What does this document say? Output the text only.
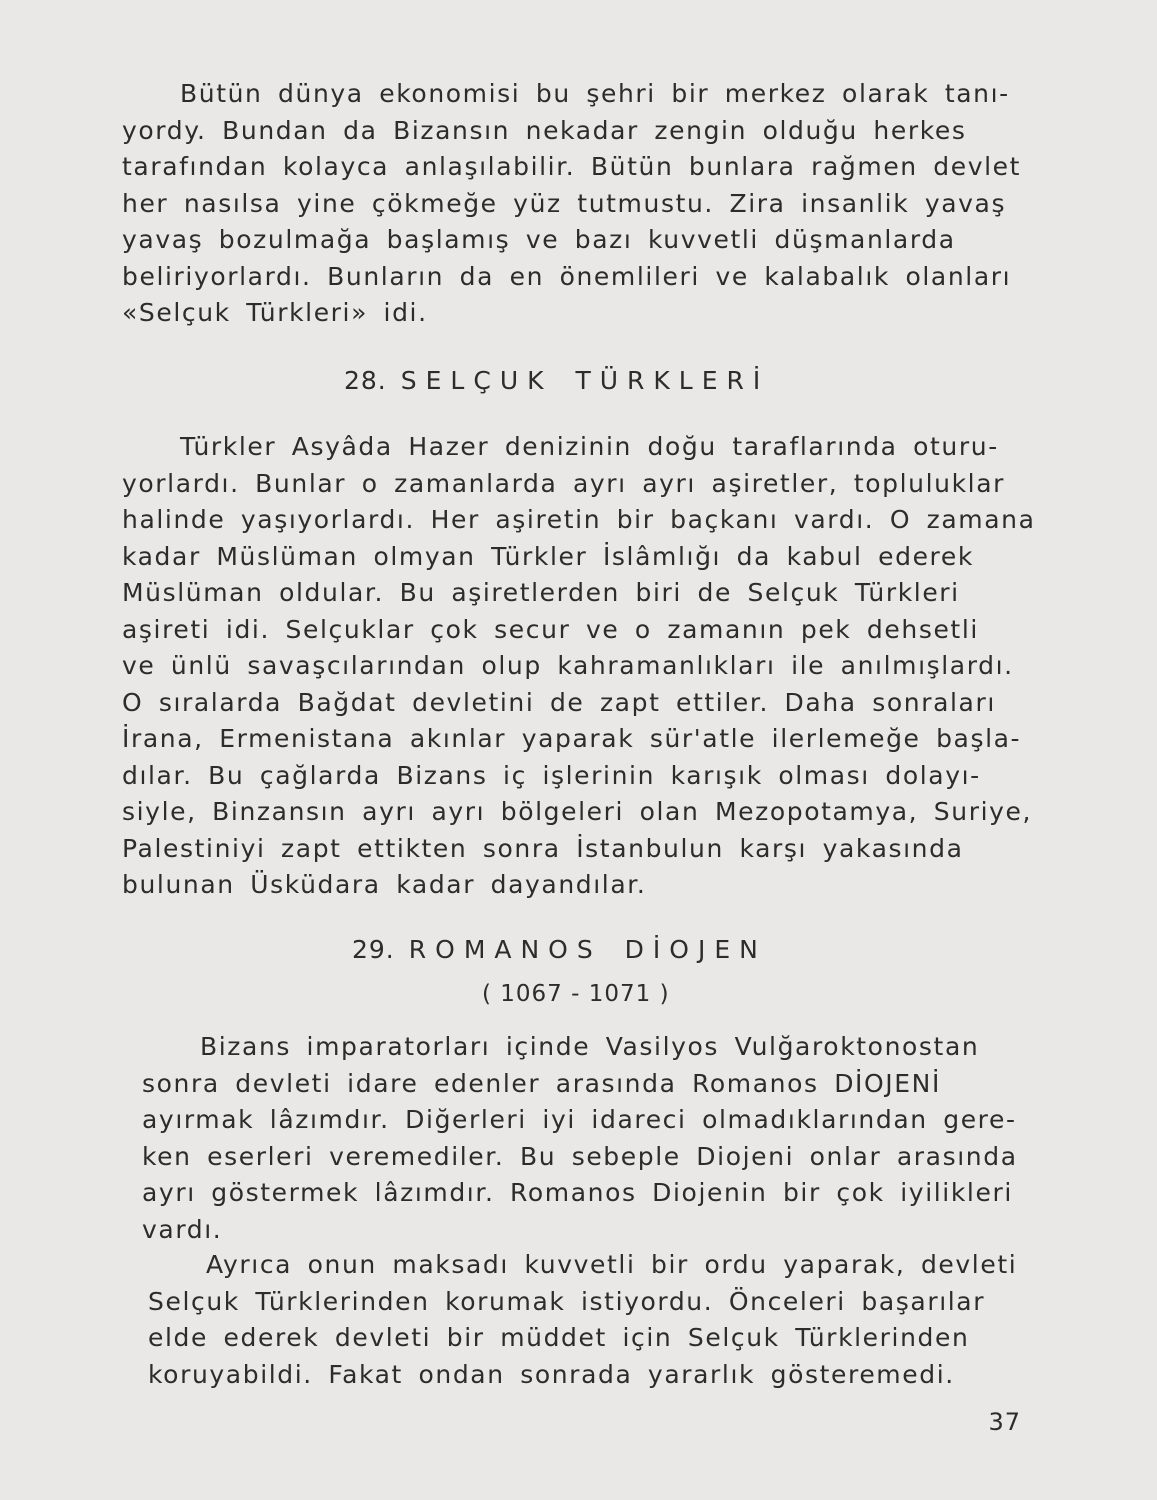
Bütün dünya ekonomisi bu şehri bir merkez olarak tanı-
yordy. Bundan da Bizansın nekadar zengin olduğu herkes
tarafından kolayca anlaşılabilir. Bütün bunlara rağmen devlet
her nasılsa yine çökmeğe yüz tutmustu. Zira insanlik yavaş
yavaş bozulmağa başlamış ve bazı kuvvetli düşmanlarda
beliriyorlardı. Bunların da en önemlileri ve kalabalık olanları
«Selçuk Türkleri» idi.
28. SELÇUK TÜRKLERİ
Türkler Asyâda Hazer denizinin doğu taraflarında oturu-
yorlardı. Bunlar o zamanlarda ayrı ayrı aşiretler, topluluklar
halinde yaşıyorlardı. Her aşiretin bir baçkanı vardı. O zamana
kadar Müslüman olmyan Türkler İslâmlığı da kabul ederek
Müslüman oldular. Bu aşiretlerden biri de Selçuk Türkleri
aşireti idi. Selçuklar çok secur ve o zamanın pek dehsetli
ve ünlü savaşcılarından olup kahramanlıkları ile anılmışlardı.
O sıralarda Bağdat devletini de zapt ettiler. Daha sonraları
İrana, Ermenistana akınlar yaparak sür'atle ilerlemeğe başla-
dılar. Bu çağlarda Bizans iç işlerinin karışık olması dolayı-
siyle, Binzansın ayrı ayrı bölgeleri olan Mezopotamya, Suriye,
Palestiniyi zapt ettikten sonra İstanbulun karşı yakasında
bulunan Üsküdara kadar dayandılar.
29. ROMANOS DİOJEN
( 1067 - 1071 )
Bizans imparatorları içinde Vasilyos Vulğaroktonostan
sonra devleti idare edenler arasında Romanos DİOJENİ
ayırmak lâzımdır. Diğerleri iyi idareci olmadıklarından gere-
ken eserleri veremediler. Bu sebeple Diojeni onlar arasında
ayrı göstermek lâzımdır. Romanos Diojenin bir çok iyilikleri
vardı.
Ayrıca onun maksadı kuvvetli bir ordu yaparak, devleti
Selçuk Türklerinden korumak istiyordu. Önceleri başarılar
elde ederek devleti bir müddet için Selçuk Türklerinden
koruyabildi. Fakat ondan sonrada yararlık gösteremedi.
37
